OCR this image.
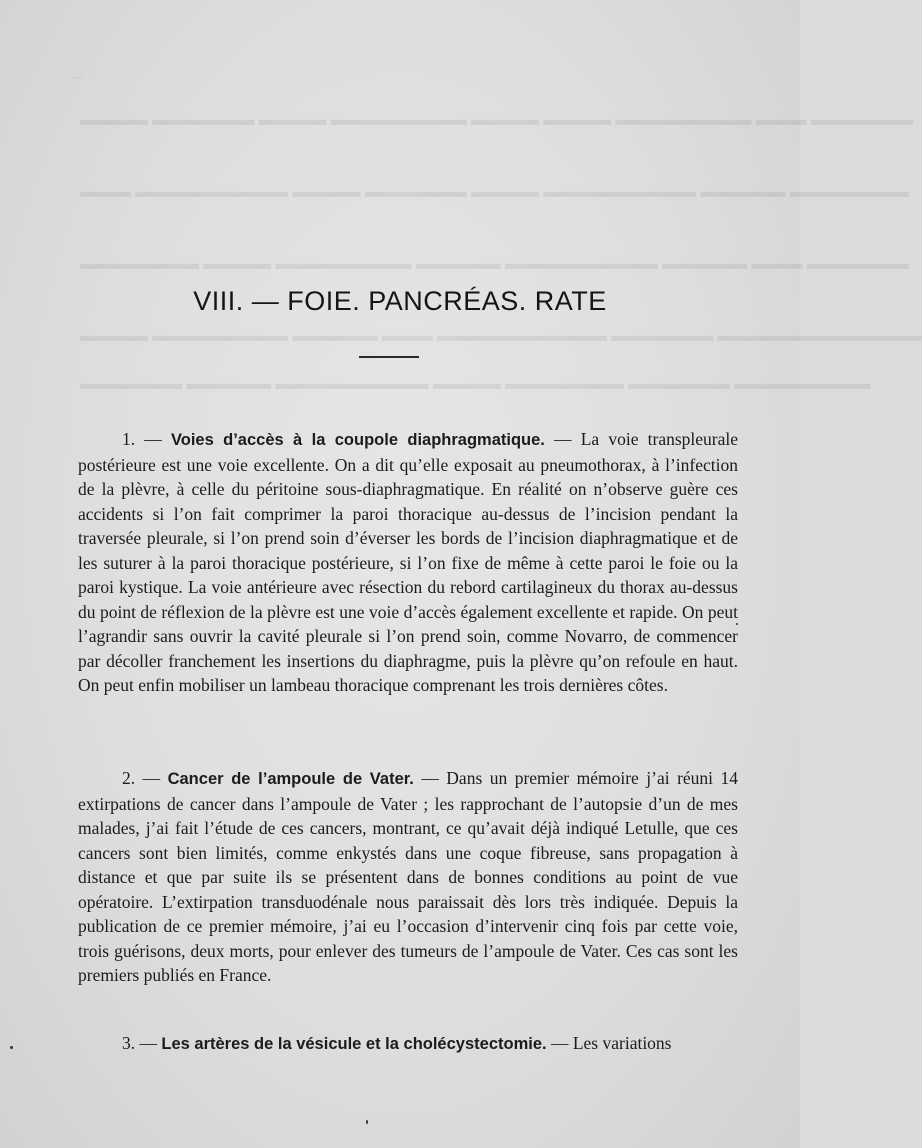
— ·
▬▬▬▬ ▬▬▬▬▬▬ ▬▬▬▬ ▬▬▬▬▬▬▬▬ ▬▬▬▬ ▬▬▬▬ ▬▬▬▬▬▬▬▬ ▬▬▬ ▬▬▬▬▬▬
▬▬▬ ▬▬▬▬▬▬▬▬▬ ▬▬▬▬ ▬▬▬▬▬▬ ▬▬▬▬ ▬▬▬▬▬▬▬▬▬ ▬▬▬▬▬ ▬▬▬▬▬▬▬
▬▬▬▬▬▬▬ ▬▬▬▬ ▬▬▬▬▬▬▬▬ ▬▬▬▬▬ ▬▬▬▬▬▬▬▬▬ ▬▬▬▬▬ ▬▬▬ ▬▬▬▬▬▬
▬▬▬▬ ▬▬▬▬▬▬▬▬ ▬▬▬▬▬ ▬▬▬ ▬▬▬▬▬▬▬▬▬▬ ▬▬▬▬▬▬ ▬▬▬▬▬▬▬▬▬▬▬▬
▬▬▬▬▬▬ ▬▬▬▬▬ ▬▬▬▬▬▬▬▬▬ ▬▬▬▬ ▬▬▬▬▬▬▬ ▬▬▬▬▬▬ ▬▬▬▬▬▬▬▬
VIII. — FOIE. PANCRÉAS. RATE

1. — Voies d’accès à la coupole diaphragmatique. — La voie transpleurale postérieure est une voie excellente. On a dit qu’elle exposait au pneumothorax, à l’infection de la plèvre, à celle du péritoine sous-diaphragmatique. En réalité on n’observe guère ces accidents si l’on fait comprimer la paroi thoracique au-dessus de l’incision pendant la traversée pleurale, si l’on prend soin d’éverser les bords de l’incision diaphragmatique et de les suturer à la paroi thoracique postérieure, si l’on fixe de même à cette paroi le foie ou la paroi kystique. La voie antérieure avec résection du rebord cartilagineux du thorax au-dessus du point de réflexion de la plèvre est une voie d’accès également excellente et rapide. On peut l’agrandir sans ouvrir la cavité pleurale si l’on prend soin, comme Novarro, de commencer par décoller franchement les insertions du diaphragme, puis la plèvre qu’on refoule en haut. On peut enfin mobiliser un lambeau thoracique comprenant les trois dernières côtes.

2. — Cancer de l’ampoule de Vater. — Dans un premier mémoire j’ai réuni 14 extirpations de cancer dans l’ampoule de Vater ; les rapprochant de l’autopsie d’un de mes malades, j’ai fait l’étude de ces cancers, montrant, ce qu’avait déjà indiqué Letulle, que ces cancers sont bien limités, comme enkystés dans une coque fibreuse, sans propagation à distance et que par suite ils se présentent dans de bonnes conditions au point de vue opératoire. L’extirpation transduodénale nous paraissait dès lors très indiquée. Depuis la publication de ce premier mémoire, j’ai eu l’occasion d’intervenir cinq fois par cette voie, trois guérisons, deux morts, pour enlever des tumeurs de l’ampoule de Vater. Ces cas sont les premiers publiés en France.

3. — Les artères de la vésicule et la cholécystectomie. — Les variations
